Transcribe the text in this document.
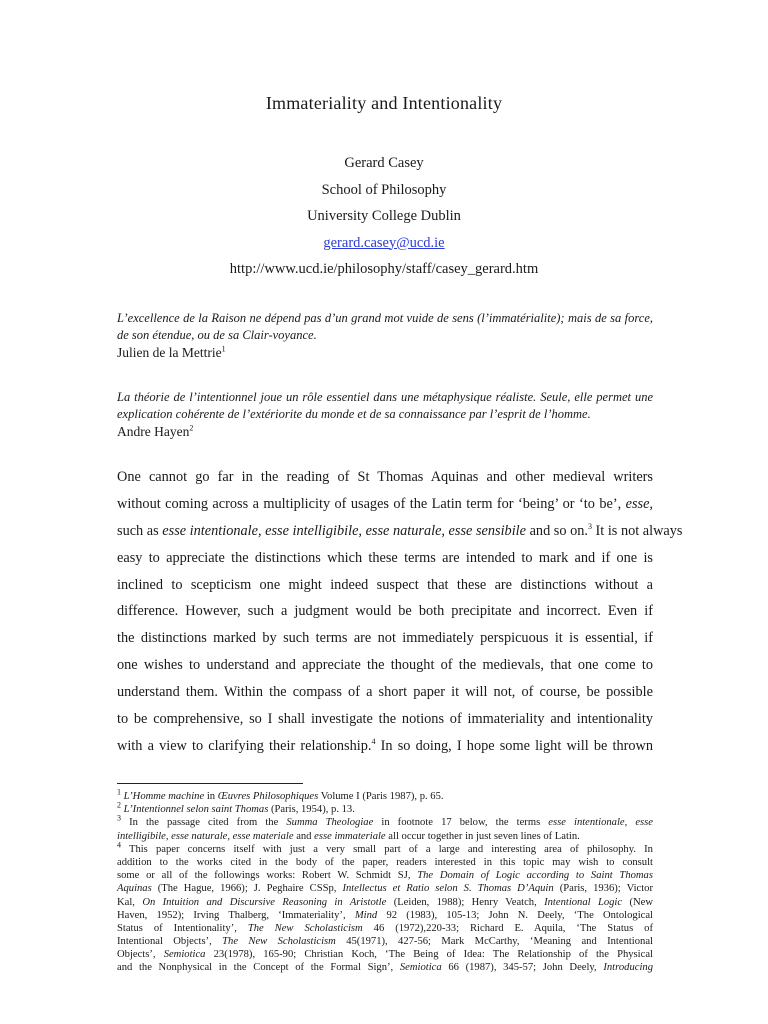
Immateriality and Intentionality
Gerard Casey
School of Philosophy
University College Dublin
gerard.casey@ucd.ie
http://www.ucd.ie/philosophy/staff/casey_gerard.htm
L’excellence de la Raison ne dépend pas d’un grand mot vuide de sens (l’immatérialite); mais de sa force,
de son étendue, ou de sa Clair-voyance.
Julien de la Mettrie$^1$
La théorie de l’intentionnel joue un rôle essentiel dans une métaphysique réaliste. Seule, elle permet une
explication cohérente de l’extériorite du monde et de sa connaissance par l’esprit de l’homme.
Andre Hayen$^2$
One cannot go far in the reading of St Thomas Aquinas and other medieval writers
without coming across a multiplicity of usages of the Latin term for ‘being’ or ‘to be’, esse,
such as esse intentionale, esse intelligibile, esse naturale, esse sensibile and so on.$^3$ It is not always
easy to appreciate the distinctions which these terms are intended to mark and if one is
inclined to scepticism one might indeed suspect that these are distinctions without a
difference. However, such a judgment would be both precipitate and incorrect. Even if
the distinctions marked by such terms are not immediately perspicuous it is essential, if
one wishes to understand and appreciate the thought of the medievals, that one come to
understand them. Within the compass of a short paper it will not, of course, be possible
to be comprehensive, so I shall investigate the notions of immateriality and intentionality
with a view to clarifying their relationship.$^4$ In so doing, I hope some light will be thrown
$^1$ L’Homme machine in Œuvres Philosophiques Volume I (Paris 1987), p. 65.
$^2$ L’Intentionnel selon saint Thomas (Paris, 1954), p. 13.
$^3$ In the passage cited from the Summa Theologiae in footnote 17 below, the terms esse intentionale, esse
intelligibile, esse naturale, esse materiale and esse immateriale all occur together in just seven lines of Latin.
$^4$ This paper concerns itself with just a very small part of a large and interesting area of philosophy. In
addition to the works cited in the body of the paper, readers interested in this topic may wish to consult
some or all of the followings works: Robert W. Schmidt SJ, The Domain of Logic according to Saint Thomas
Aquinas (The Hague, 1966); J. Peghaire CSSp, Intellectus et Ratio selon S. Thomas D’Aquin (Paris, 1936); Victor
Kal, On Intuition and Discursive Reasoning in Aristotle (Leiden, 1988); Henry Veatch, Intentional Logic (New
Haven, 1952); Irving Thalberg, ‘Immateriality’, Mind 92 (1983), 105-13; John N. Deely, ‘The Ontological
Status of Intentionality’, The New Scholasticism 46 (1972),220-33; Richard E. Aquila, ‘The Status of
Intentional Objects’, The New Scholasticism 45(1971), 427-56; Mark McCarthy, ‘Meaning and Intentional
Objects’, Semiotica 23(1978), 165-90; Christian Koch, ‘The Being of Idea: The Relationship of the Physical
and the Nonphysical in the Concept of the Formal Sign’, Semiotica 66 (1987), 345-57; John Deely, Introducing
